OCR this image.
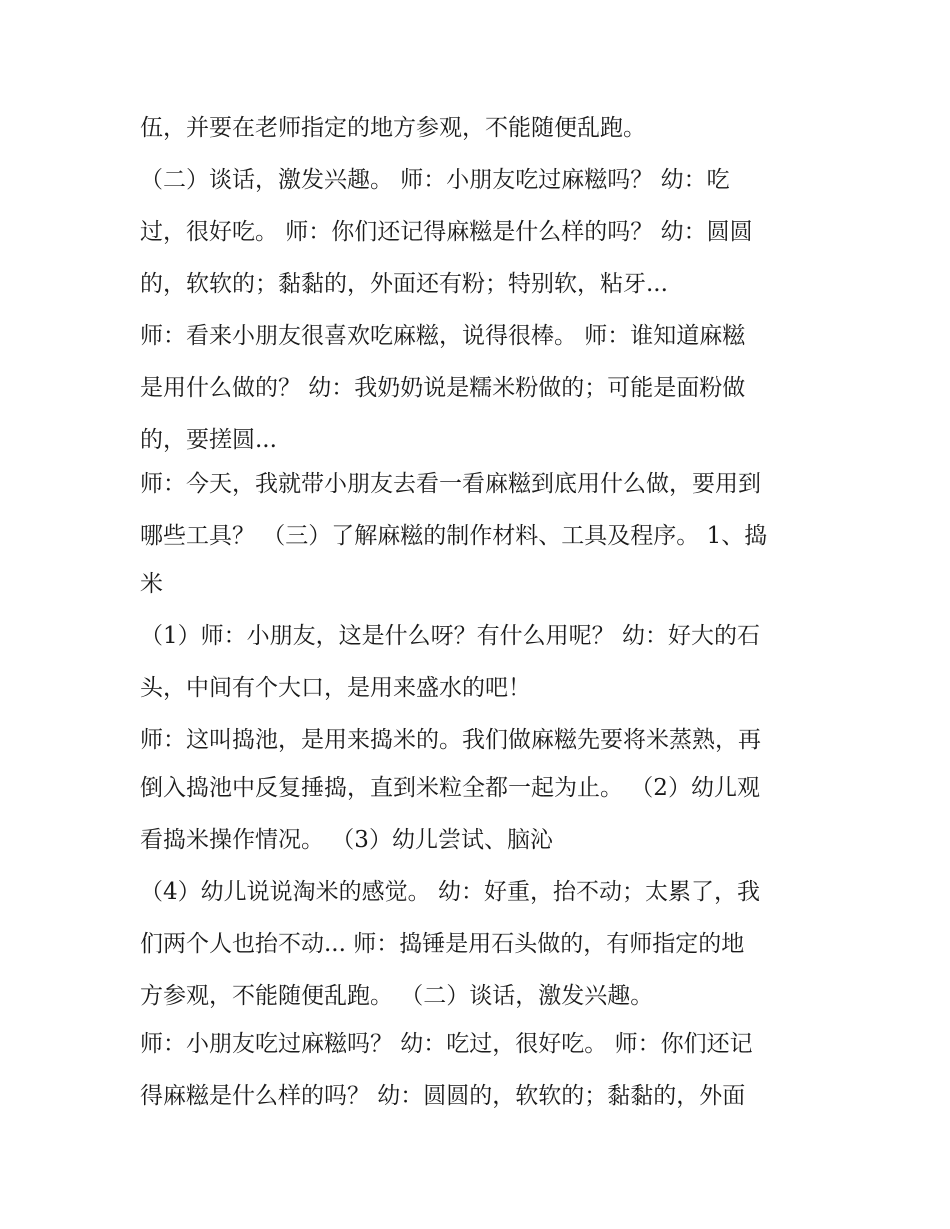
伍，并要在老师指定的地方参观，不能随便乱跑。

（二）谈话，激发兴趣。 师：小朋友吃过麻糍吗？ 幼：吃

过，很好吃。 师：你们还记得麻糍是什么样的吗？ 幼：圆圆

的，软软的；黏黏的，外面还有粉；特别软，粘牙...

师：看来小朋友很喜欢吃麻糍，说得很棒。 师：谁知道麻糍

是用什么做的？ 幼：我奶奶说是糯米粉做的；可能是面粉做

的，要搓圆...

师：今天，我就带小朋友去看一看麻糍到底用什么做，要用到

哪些工具？ （三）了解麻糍的制作材料、工具及程序。 1、捣

米

（1）师：小朋友，这是什么呀？有什么用呢？ 幼：好大的石

头，中间有个大口，是用来盛水的吧！

师：这叫捣池，是用来捣米的。我们做麻糍先要将米蒸熟，再

倒入捣池中反复捶捣，直到米粒全都一起为止。 （2）幼儿观

看捣米操作情况。 （3）幼儿尝试、脑沁

（4）幼儿说说淘米的感觉。 幼：好重，抬不动；太累了，我

们两个人也抬不动... 师：捣锤是用石头做的，有师指定的地

方参观，不能随便乱跑。 （二）谈话，激发兴趣。

师：小朋友吃过麻糍吗？ 幼：吃过，很好吃。 师：你们还记

得麻糍是什么样的吗？ 幼：圆圆的，软软的；黏黏的，外面
